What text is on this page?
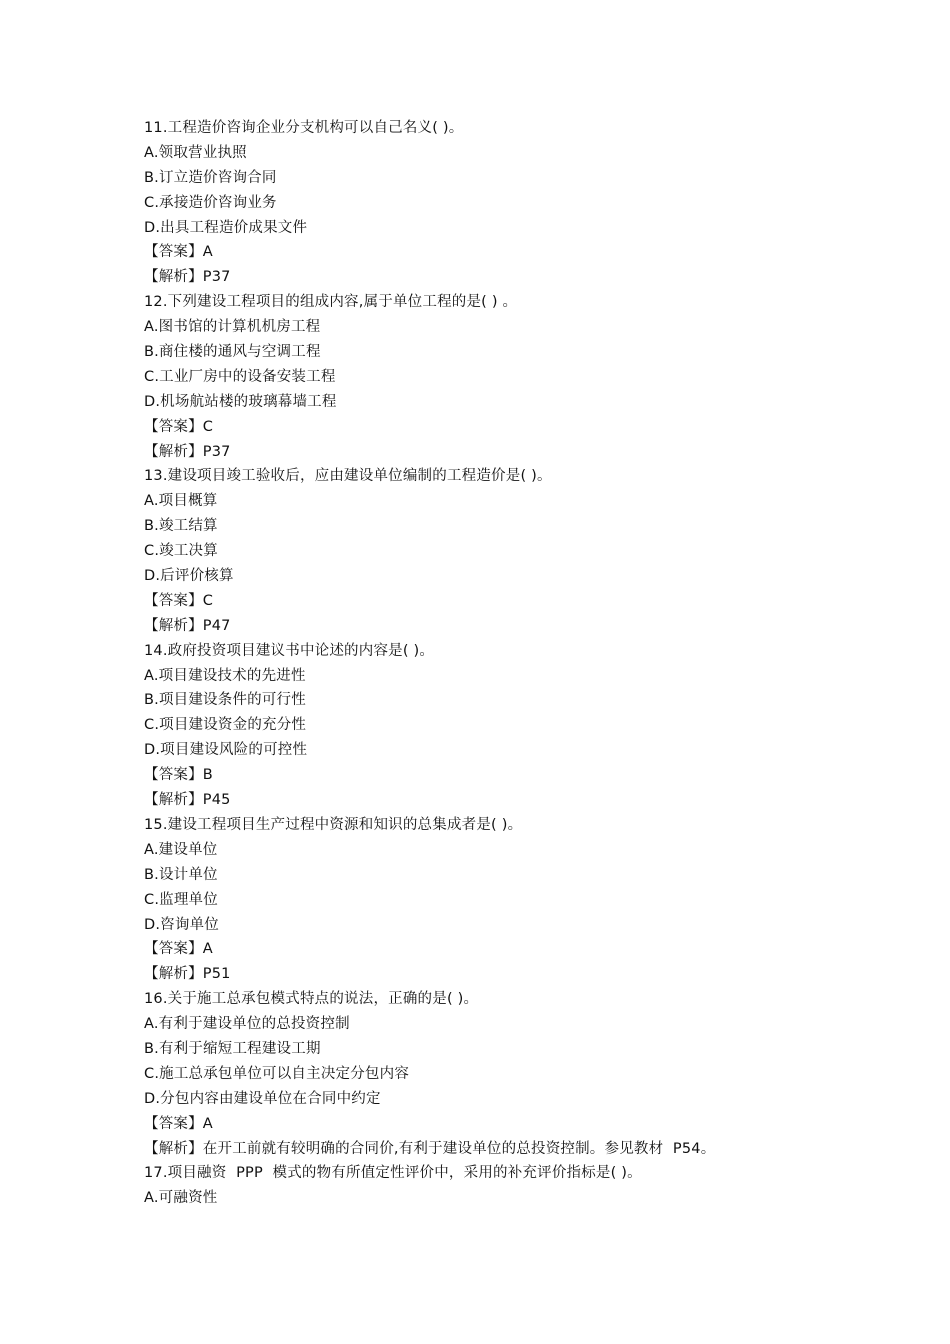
11.工程造价咨询企业分支机构可以自己名义( )。
A.领取营业执照
B.订立造价咨询合同
C.承接造价咨询业务
D.出具工程造价成果文件
【答案】A
【解析】P37
12.下列建设工程项目的组成内容,属于单位工程的是( ) 。
A.图书馆的计算机机房工程
B.商住楼的通风与空调工程
C.工业厂房中的设备安装工程
D.机场航站楼的玻璃幕墙工程
【答案】C
【解析】P37
13.建设项目竣工验收后，应由建设单位编制的工程造价是( )。
A.项目概算
B.竣工结算
C.竣工决算
D.后评价核算
【答案】C
【解析】P47
14.政府投资项目建议书中论述的内容是( )。
A.项目建设技术的先进性
B.项目建设条件的可行性
C.项目建设资金的充分性
D.项目建设风险的可控性
【答案】B
【解析】P45
15.建设工程项目生产过程中资源和知识的总集成者是( )。
A.建设单位
B.设计单位
C.监理单位
D.咨询单位
【答案】A
【解析】P51
16.关于施工总承包模式特点的说法，正确的是( )。
A.有利于建设单位的总投资控制
B.有利于缩短工程建设工期
C.施工总承包单位可以自主决定分包内容
D.分包内容由建设单位在合同中约定
【答案】A
【解析】在开工前就有较明确的合同价,有利于建设单位的总投资控制。参见教材  P54。
17.项目融资  PPP  模式的物有所值定性评价中，采用的补充评价指标是( )。
A.可融资性
